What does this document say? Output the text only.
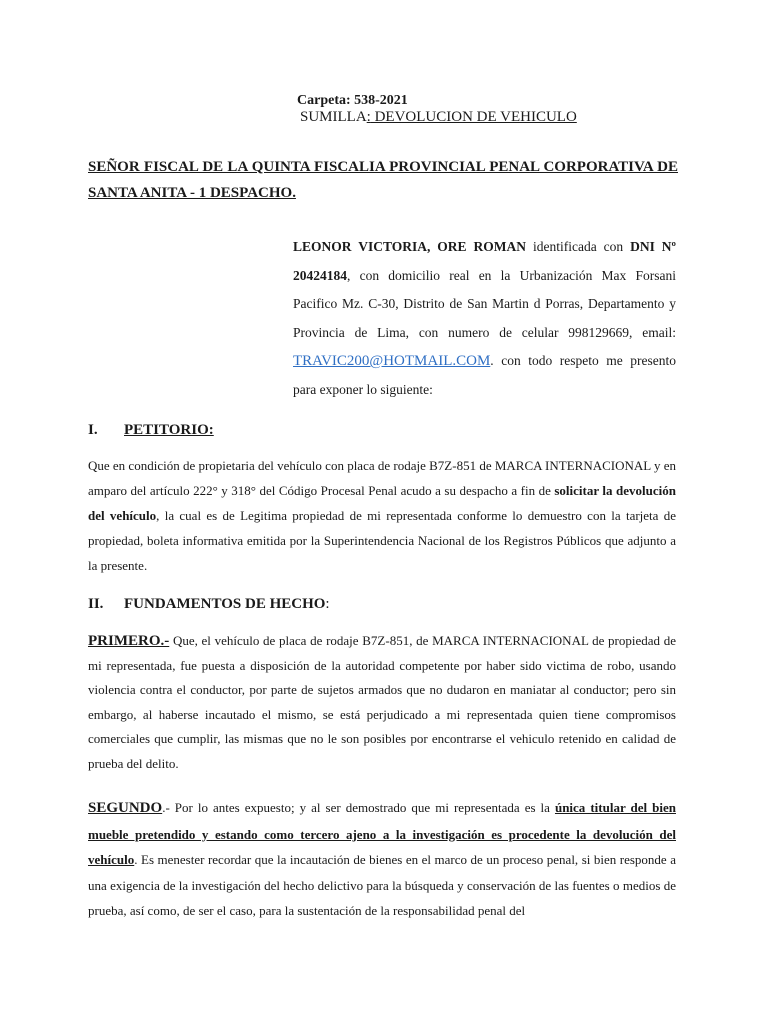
Carpeta: 538-2021
SUMILLA: DEVOLUCION DE VEHICULO
SEÑOR FISCAL DE LA QUINTA FISCALIA PROVINCIAL PENAL CORPORATIVA DE SANTA ANITA - 1 DESPACHO.
LEONOR VICTORIA, ORE ROMAN identificada con DNI Nº 20424184, con domicilio real en la Urbanización Max Forsani Pacifico Mz. C-30, Distrito de San Martin d Porras, Departamento y Provincia de Lima, con numero de celular 998129669, email: TRAVIC200@HOTMAIL.COM. con todo respeto me presento para exponer lo siguiente:
I. PETITORIO:
Que en condición de propietaria del vehículo con placa de rodaje B7Z-851 de MARCA INTERNACIONAL y en amparo del artículo 222° y 318° del Código Procesal Penal acudo a su despacho a fin de solicitar la devolución del vehículo, la cual es de Legitima propiedad de mi representada conforme lo demuestro con la tarjeta de propiedad, boleta informativa emitida por la Superintendencia Nacional de los Registros Públicos que adjunto a la presente.
II. FUNDAMENTOS DE HECHO:
PRIMERO.- Que, el vehículo de placa de rodaje B7Z-851, de MARCA INTERNACIONAL de propiedad de mi representada, fue puesta a disposición de la autoridad competente por haber sido victima de robo, usando violencia contra el conductor, por parte de sujetos armados que no dudaron en maniatar al conductor; pero sin embargo, al haberse incautado el mismo, se está perjudicado a mi representada quien tiene compromisos comerciales que cumplir, las mismas que no le son posibles por encontrarse el vehiculo retenido en calidad de prueba del delito.
SEGUNDO.- Por lo antes expuesto; y al ser demostrado que mi representada es la única titular del bien mueble pretendido y estando como tercero ajeno a la investigación es procedente la devolución del vehículo. Es menester recordar que la incautación de bienes en el marco de un proceso penal, si bien responde a una exigencia de la investigación del hecho delictivo para la búsqueda y conservación de las fuentes o medios de prueba, así como, de ser el caso, para la sustentación de la responsabilidad penal del
